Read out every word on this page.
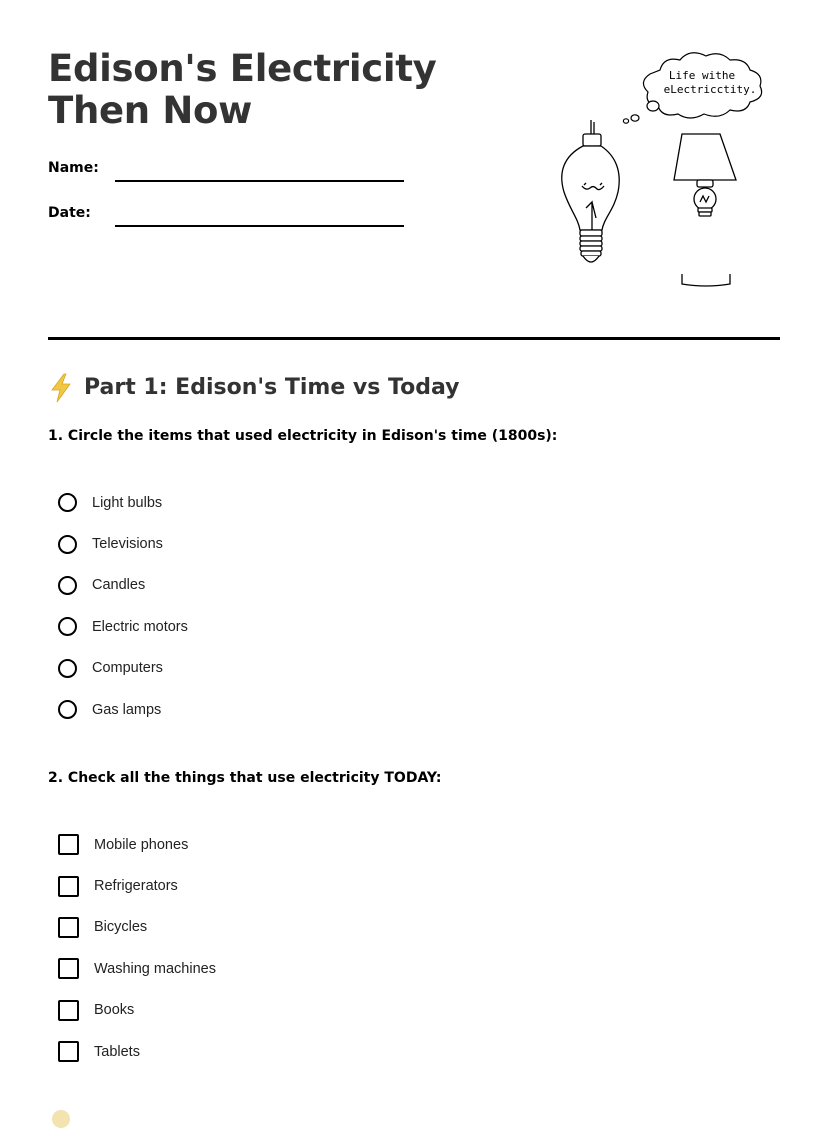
Edison's Electricity Then Now
Name:
Date:
Life withe
eLectricctity.
Part 1: Edison's Time vs Today

1. Circle the items that used electricity in Edison's time (1800s):

Light bulbs
Televisions
Candles
Electric motors
Computers
Gas lamps

2. Check all the things that use electricity TODAY:

Mobile phones
Refrigerators
Bicycles
Washing machines
Books
Tablets
